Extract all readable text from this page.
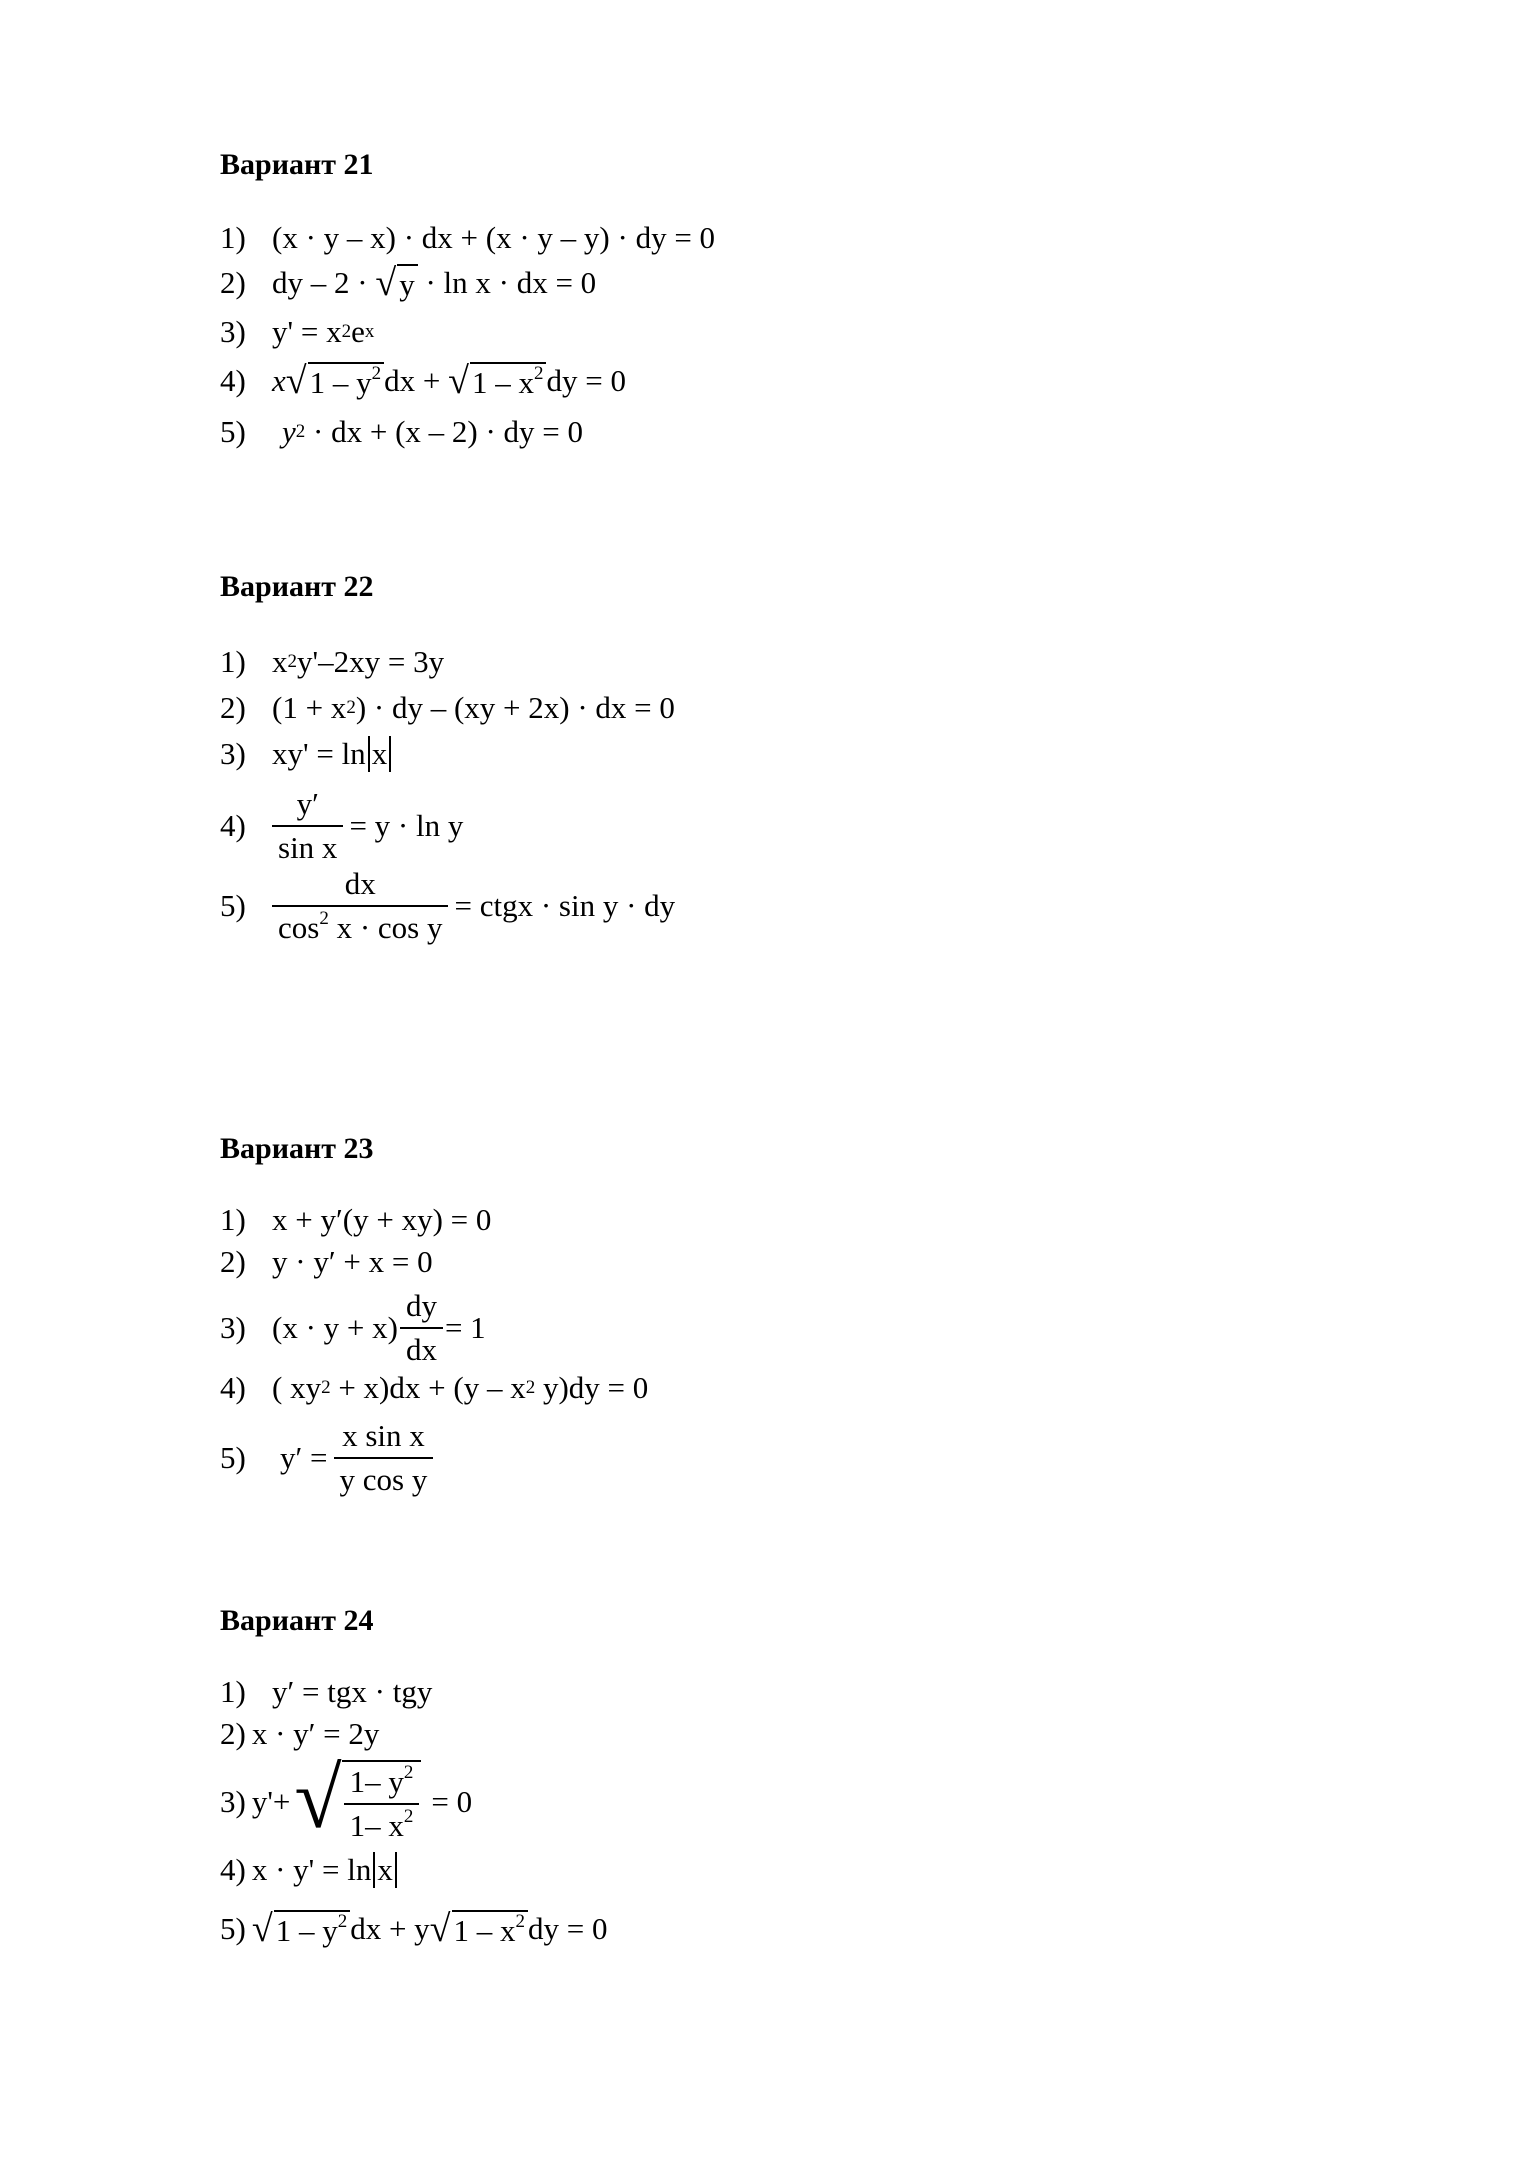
Вариант 21
1) (x · y – x) · dx + (x · y – y) · dy = 0
2) dy – 2 · √ y · ln x · dx = 0
3) y' = x 2 e x
4) x √ $1 - y^2$ dx + √ $1 - x^2$ dy = 0
5)	y 2 · dx + (x – 2) · dy = 0
Вариант 22
1) x 2 y'–2xy = 3y
2) (1 + x 2 ) · dy – (xy + 2x) · dx = 0
3) xy' = ln x
$4) \frac{y'}{\text{sin x}} = y \cdot \ln y$
$5) \frac{dx}{\cos^2 x \cdot \cos y}$ = ctgx · sin y · dy
Вариант 23
1) x + y′(y + xy) = 0
2) y · y′ + x = 0
3) $(x \cdot y + x) \frac{dy}{dx} = 1$
4) ( xy 2 + x)dx + (y – x 2 y)dy = 0
5)	$y' = \frac{\text{x sin x}}{\text{y cos y}}$
Вариант 24
1) y′ = tgx · tgy
2) x · y′ = 2y
3) y'+ √ $\frac{1- y^2}{1- x^2} = 0$
4) x · y' = ln x
5) √ $1 - y^2$ dx + y √ $1 - x^2$ dy = 0
